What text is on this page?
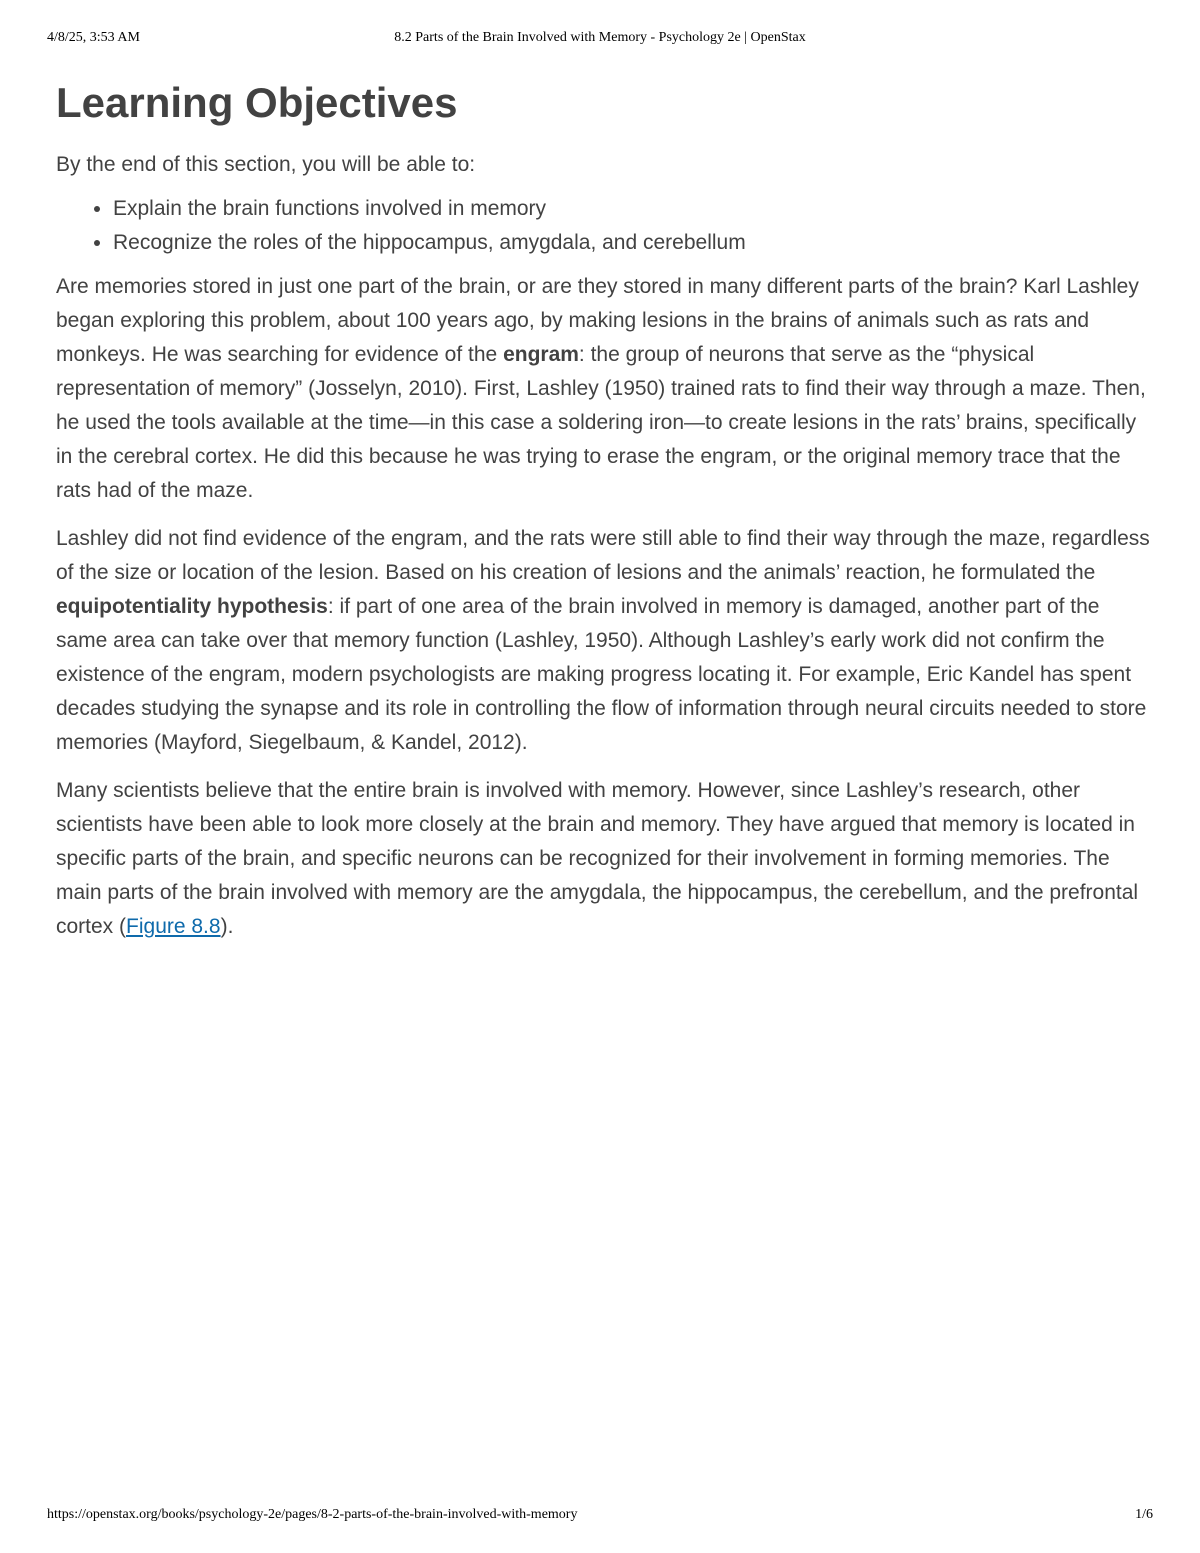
4/8/25, 3:53 AM	8.2 Parts of the Brain Involved with Memory - Psychology 2e | OpenStax
Learning Objectives

By the end of this section, you will be able to:

• Explain the brain functions involved in memory
• Recognize the roles of the hippocampus, amygdala, and cerebellum

Are memories stored in just one part of the brain, or are they stored in many different parts of the brain? Karl Lashley began exploring this problem, about 100 years ago, by making lesions in the brains of animals such as rats and monkeys. He was searching for evidence of the engram: the group of neurons that serve as the “physical representation of memory” (Josselyn, 2010). First, Lashley (1950) trained rats to find their way through a maze. Then, he used the tools available at the time—in this case a soldering iron—to create lesions in the rats’ brains, specifically in the cerebral cortex. He did this because he was trying to erase the engram, or the original memory trace that the rats had of the maze.

Lashley did not find evidence of the engram, and the rats were still able to find their way through the maze, regardless of the size or location of the lesion. Based on his creation of lesions and the animals’ reaction, he formulated the equipotentiality hypothesis: if part of one area of the brain involved in memory is damaged, another part of the same area can take over that memory function (Lashley, 1950). Although Lashley’s early work did not confirm the existence of the engram, modern psychologists are making progress locating it. For example, Eric Kandel has spent decades studying the synapse and its role in controlling the flow of information through neural circuits needed to store memories (Mayford, Siegelbaum, & Kandel, 2012).

Many scientists believe that the entire brain is involved with memory. However, since Lashley’s research, other scientists have been able to look more closely at the brain and memory. They have argued that memory is located in specific parts of the brain, and specific neurons can be recognized for their involvement in forming memories. The main parts of the brain involved with memory are the amygdala, the hippocampus, the cerebellum, and the prefrontal cortex (Figure 8.8).

https://openstax.org/books/psychology-2e/pages/8-2-parts-of-the-brain-involved-with-memory	1/6
